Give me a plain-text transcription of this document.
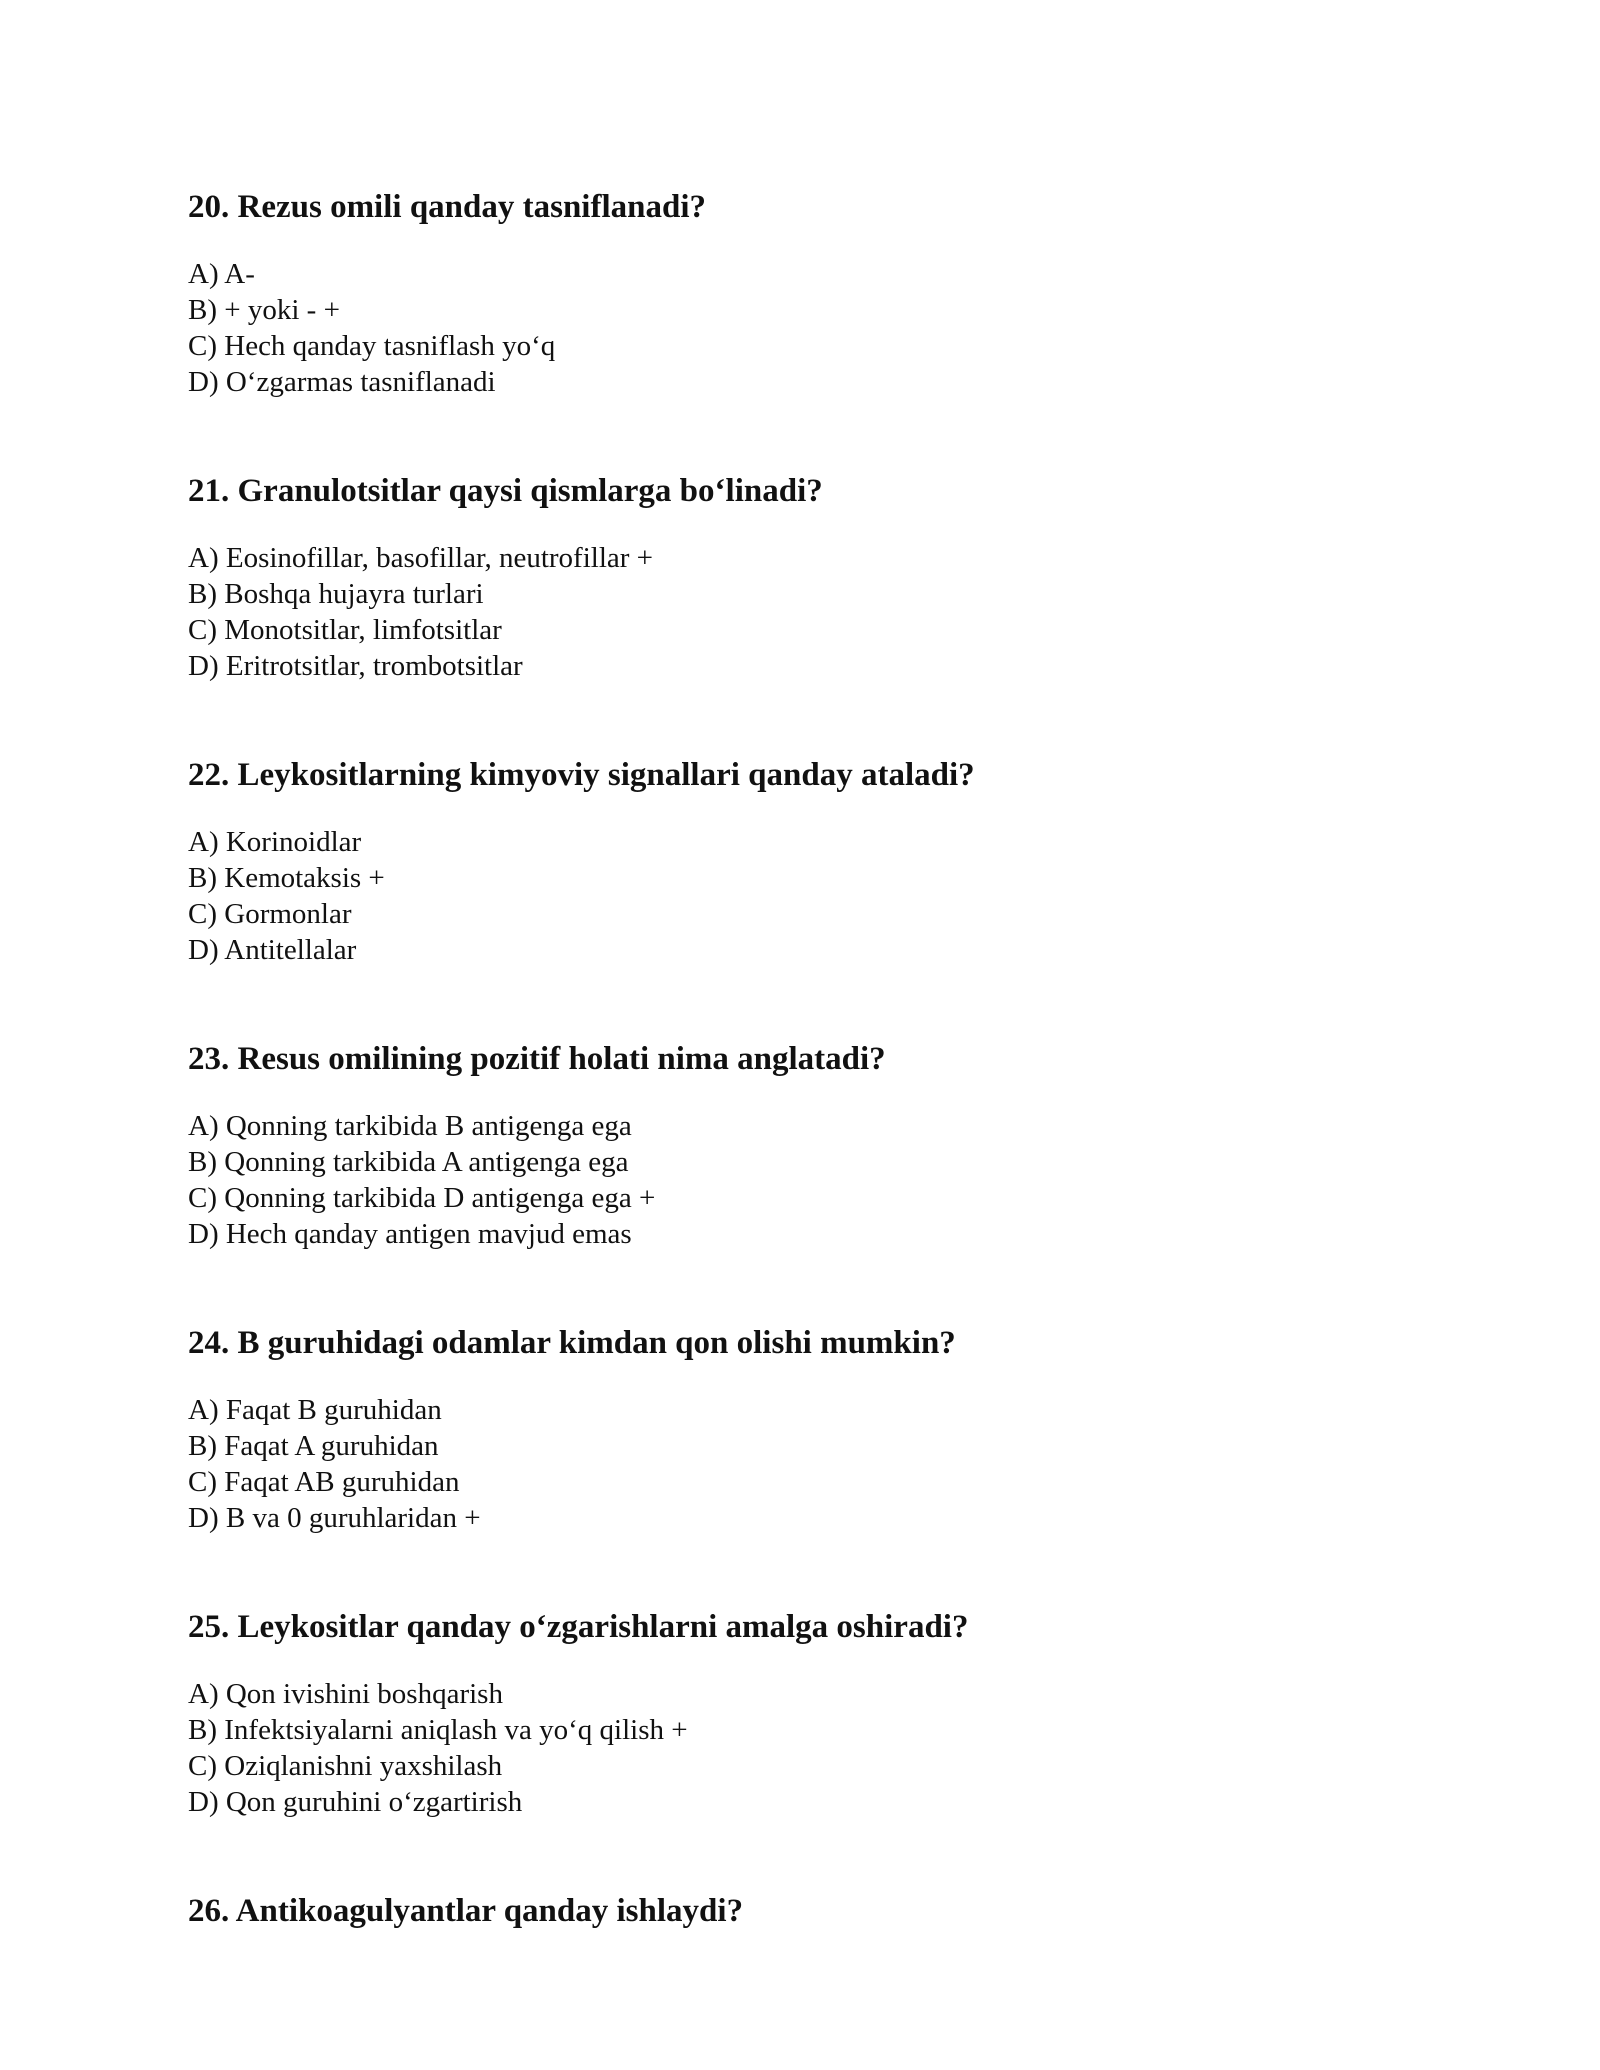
20. Rezus omili qanday tasniflanadi?
A) A-
B) + yoki - +
C) Hech qanday tasniflash yo‘q
D) O‘zgarmas tasniflanadi
21. Granulotsitlar qaysi qismlarga bo‘linadi?
A) Eosinofillar, basofillar, neutrofillar +
B) Boshqa hujayra turlari
C) Monotsitlar, limfotsitlar
D) Eritrotsitlar, trombotsitlar
22. Leykositlarning kimyoviy signallari qanday ataladi?
A) Korinoidlar
B) Kemotaksis +
C) Gormonlar
D) Antitellalar
23. Resus omilining pozitif holati nima anglatadi?
A) Qonning tarkibida B antigenga ega
B) Qonning tarkibida A antigenga ega
C) Qonning tarkibida D antigenga ega +
D) Hech qanday antigen mavjud emas
24. B guruhidagi odamlar kimdan qon olishi mumkin?
A) Faqat B guruhidan
B) Faqat A guruhidan
C) Faqat AB guruhidan
D) B va 0 guruhlaridan +
25. Leykositlar qanday o‘zgarishlarni amalga oshiradi?
A) Qon ivishini boshqarish
B) Infektsiyalarni aniqlash va yo‘q qilish +
C) Oziqlanishni yaxshilash
D) Qon guruhini o‘zgartirish
26. Antikoagulyantlar qanday ishlaydi?
